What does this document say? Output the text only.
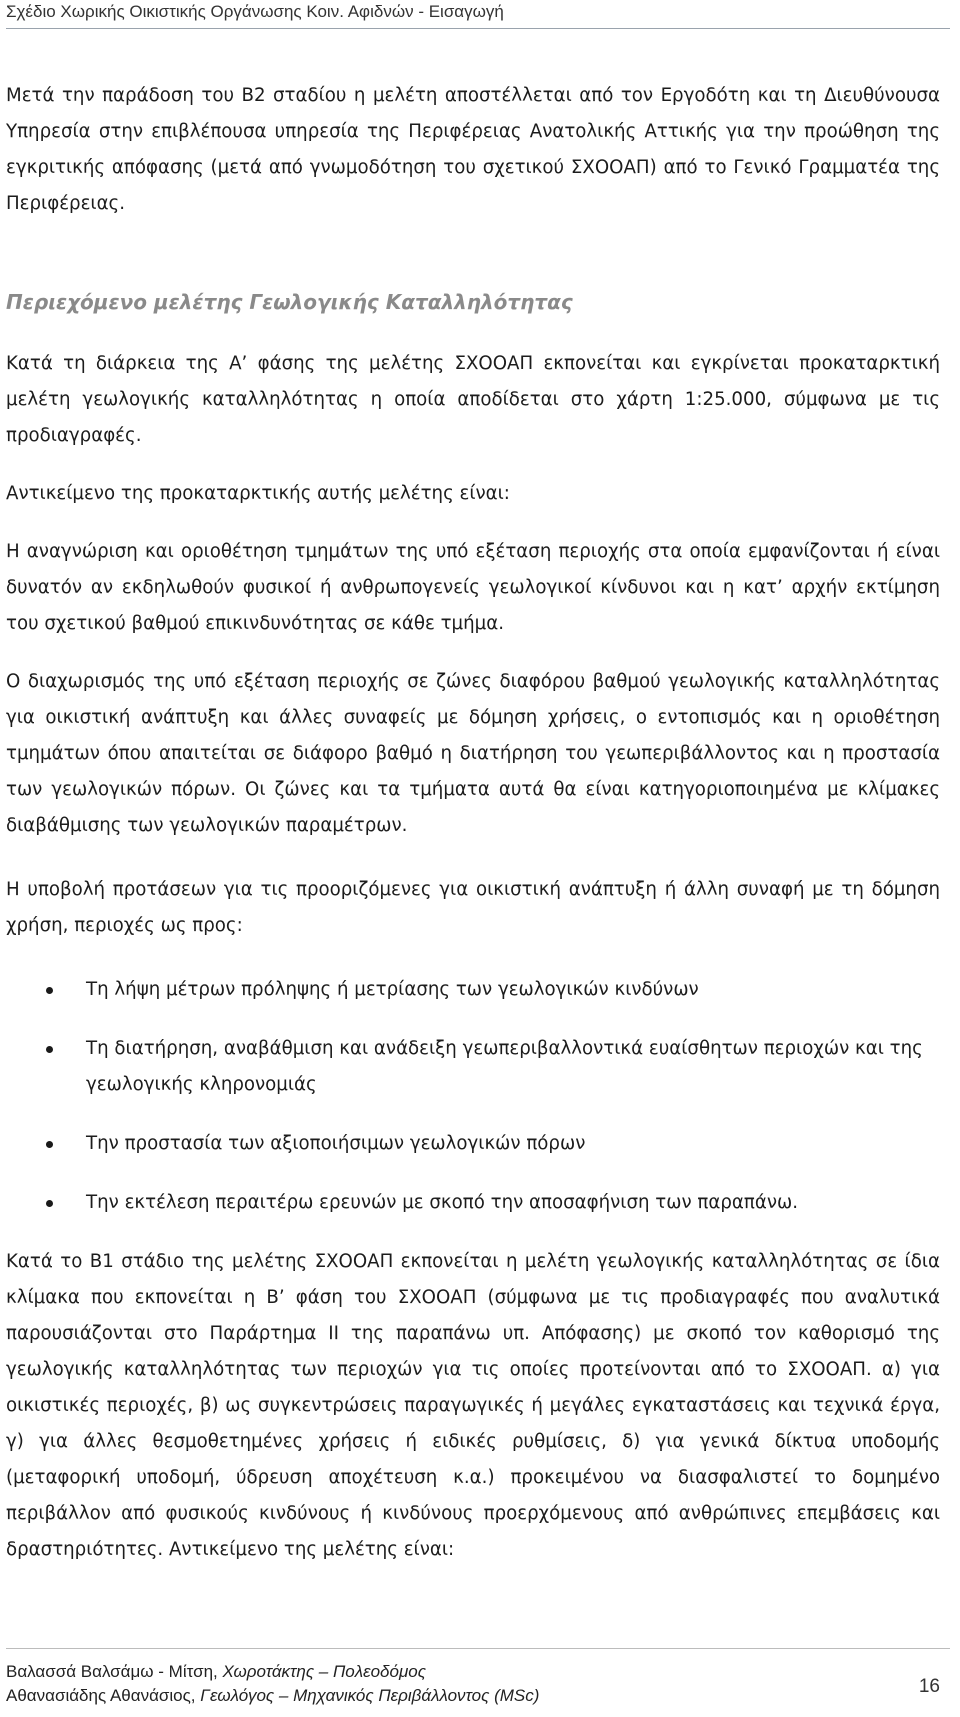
Σχέδιο Χωρικής Οικιστικής Οργάνωσης Κοιν. Αφιδνών - Εισαγωγή

Μετά την παράδοση του Β2 σταδίου η μελέτη αποστέλλεται από τον Εργοδότη και τη Διευθύνουσα Υπηρεσία στην επιβλέπουσα υπηρεσία της Περιφέρειας Ανατολικής Αττικής για την προώθηση της εγκριτικής απόφασης (μετά από γνωμοδότηση του σχετικού ΣΧΟΟΑΠ) από το Γενικό Γραμματέα της Περιφέρειας.

Περιεχόμενο μελέτης Γεωλογικής Καταλληλότητας

Κατά τη διάρκεια της Α’ φάσης της μελέτης ΣΧΟΟΑΠ εκπονείται και εγκρίνεται προκαταρκτική μελέτη γεωλογικής καταλληλότητας η οποία αποδίδεται στο χάρτη 1:25.000, σύμφωνα με τις προδιαγραφές.

Αντικείμενο της προκαταρκτικής αυτής μελέτης είναι:

Η αναγνώριση και οριοθέτηση τμημάτων της υπό εξέταση περιοχής στα οποία εμφανίζονται ή είναι δυνατόν αν εκδηλωθούν φυσικοί ή ανθρωπογενείς γεωλογικοί κίνδυνοι και η κατ’ αρχήν εκτίμηση του σχετικού βαθμού επικινδυνότητας σε κάθε τμήμα.

Ο διαχωρισμός της υπό εξέταση περιοχής σε ζώνες διαφόρου βαθμού γεωλογικής καταλληλότητας για οικιστική ανάπτυξη και άλλες συναφείς με δόμηση χρήσεις, ο εντοπισμός και η οριοθέτηση τμημάτων όπου απαιτείται σε διάφορο βαθμό η διατήρηση του γεωπεριβάλλοντος και η προστασία των γεωλογικών πόρων. Οι ζώνες και τα τμήματα αυτά θα είναι κατηγοριοποιημένα με κλίμακες διαβάθμισης των γεωλογικών παραμέτρων.

Η υποβολή προτάσεων για τις προοριζόμενες για οικιστική ανάπτυξη ή άλλη συναφή με τη δόμηση χρήση, περιοχές ως προς:

Τη λήψη μέτρων πρόληψης ή μετρίασης των γεωλογικών κινδύνων
Τη διατήρηση, αναβάθμιση και ανάδειξη γεωπεριβαλλοντικά ευαίσθητων περιοχών και της γεωλογικής κληρονομιάς
Την προστασία των αξιοποιήσιμων γεωλογικών πόρων
Την εκτέλεση περαιτέρω ερευνών με σκοπό την αποσαφήνιση των παραπάνω.

Κατά το Β1 στάδιο της μελέτης ΣΧΟΟΑΠ εκπονείται η μελέτη γεωλογικής καταλληλότητας σε ίδια κλίμακα που εκπονείται η Β’ φάση του ΣΧΟΟΑΠ (σύμφωνα με τις προδιαγραφές που αναλυτικά παρουσιάζονται στο Παράρτημα ΙΙ της παραπάνω υπ. Απόφασης) με σκοπό τον καθορισμό της γεωλογικής καταλληλότητας των περιοχών για τις οποίες προτείνονται από το ΣΧΟΟΑΠ. α) για οικιστικές περιοχές, β) ως συγκεντρώσεις παραγωγικές ή μεγάλες εγκαταστάσεις και τεχνικά έργα, γ) για άλλες θεσμοθετημένες χρήσεις ή ειδικές ρυθμίσεις, δ) για γενικά δίκτυα υποδομής (μεταφορική υποδομή, ύδρευση αποχέτευση κ.α.) προκειμένου να διασφαλιστεί το δομημένο περιβάλλον από φυσικούς κινδύνους ή κινδύνους προερχόμενους από ανθρώπινες επεμβάσεις και δραστηριότητες. Αντικείμενο της μελέτης είναι:

Βαλασσά Βαλσάμω - Μίτση, Χωροτάκτης – Πολεοδόμος
Αθανασιάδης Αθανάσιος, Γεωλόγος – Μηχανικός Περιβάλλοντος (MSc)	16
